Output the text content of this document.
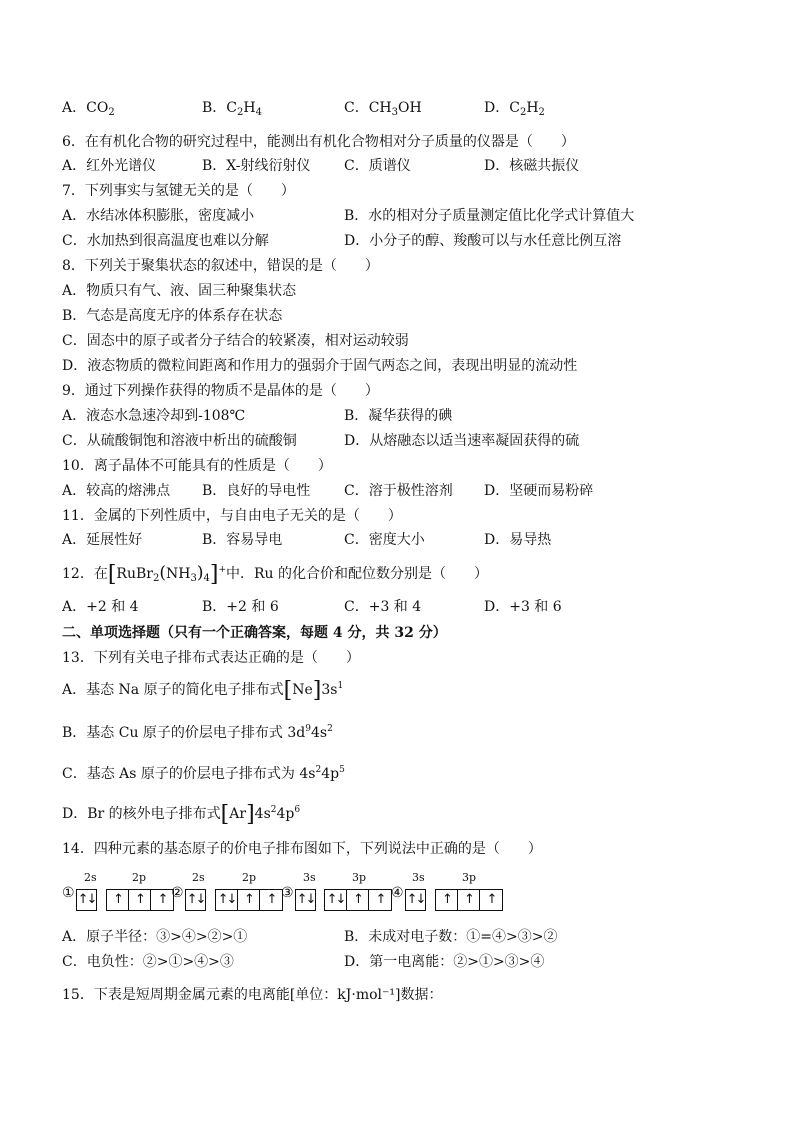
A．$CO_2$	B．$C_2H_4$	C．$CH_3OH$	D．$C_2H_2$
6．在有机化合物的研究过程中，能测出有机化合物相对分子质量的仪器是（　　）
A．红外光谱仪	B．X-射线衍射仪 C．质谱仪	D．核磁共振仪
7．下列事实与氢键无关的是（　　）
A．水结冰体积膨胀，密度减小	B．水的相对分子质量测定值比化学式计算值大
C．水加热到很高温度也难以分解	D．小分子的醇、羧酸可以与水任意比例互溶
8．下列关于聚集状态的叙述中，错误的是（　　）
A．物质只有气、液、固三种聚集状态
B．气态是高度无序的体系存在状态
C．固态中的原子或者分子结合的较紧凑，相对运动较弱
D．液态物质的微粒间距离和作用力的强弱介于固气两态之间，表现出明显的流动性
9．通过下列操作获得的物质不是晶体的是（　　）
A．液态水急速冷却到-108℃	B．凝华获得的碘
C．从硫酸铜饱和溶液中析出的硫酸铜	D．从熔融态以适当速率凝固获得的硫
10．离子晶体不可能具有的性质是（　　）
A．较高的熔沸点 B．良好的导电性 C．溶于极性溶剂 D．坚硬而易粉碎
11．金属的下列性质中，与自由电子无关的是（　　）
A．延展性好	B．容易导电	C．密度大小	D．易导热
12．在$[RuBr_2(NH_3)_4]^+$中．Ru 的化合价和配位数分别是（　　）
A．+2 和 4	B．+2 和 6	C．+3 和 4	D．+3 和 6
二、单项选择题（只有一个正确答案，每题 4 分，共 32 分）
13．下列有关电子排布式表达正确的是（　　）
A．基态 Na 原子的简化电子排布式$[Ne]3s^1$
B．基态 Cu 原子的价层电子排布式 $3d^94s^2$
C．基态 As 原子的价层电子排布式为 $4s^24p^5$
D．Br 的核外电子排布式$[Ar]4s^24p^6$
14．四种元素的基态原子的价电子排布图如下，下列说法中正确的是（　　）
①
2s
↑↓
2p
↑	↑	↑ ②
2s
↑↓
2p
↑↓ ↑	↑ ③
3s
↑↓
3p
↑↓ ↑	↑ ④
3s
↑↓
3p
↑	↑	↑
A．原子半径：③>④>②>①	B．未成对电子数：①=④>③>②
C．电负性：②>①>④>③	D．第一电离能：②>①>③>④
15．下表是短周期金属元素的电离能[单位：kJ·mol⁻¹]数据：
